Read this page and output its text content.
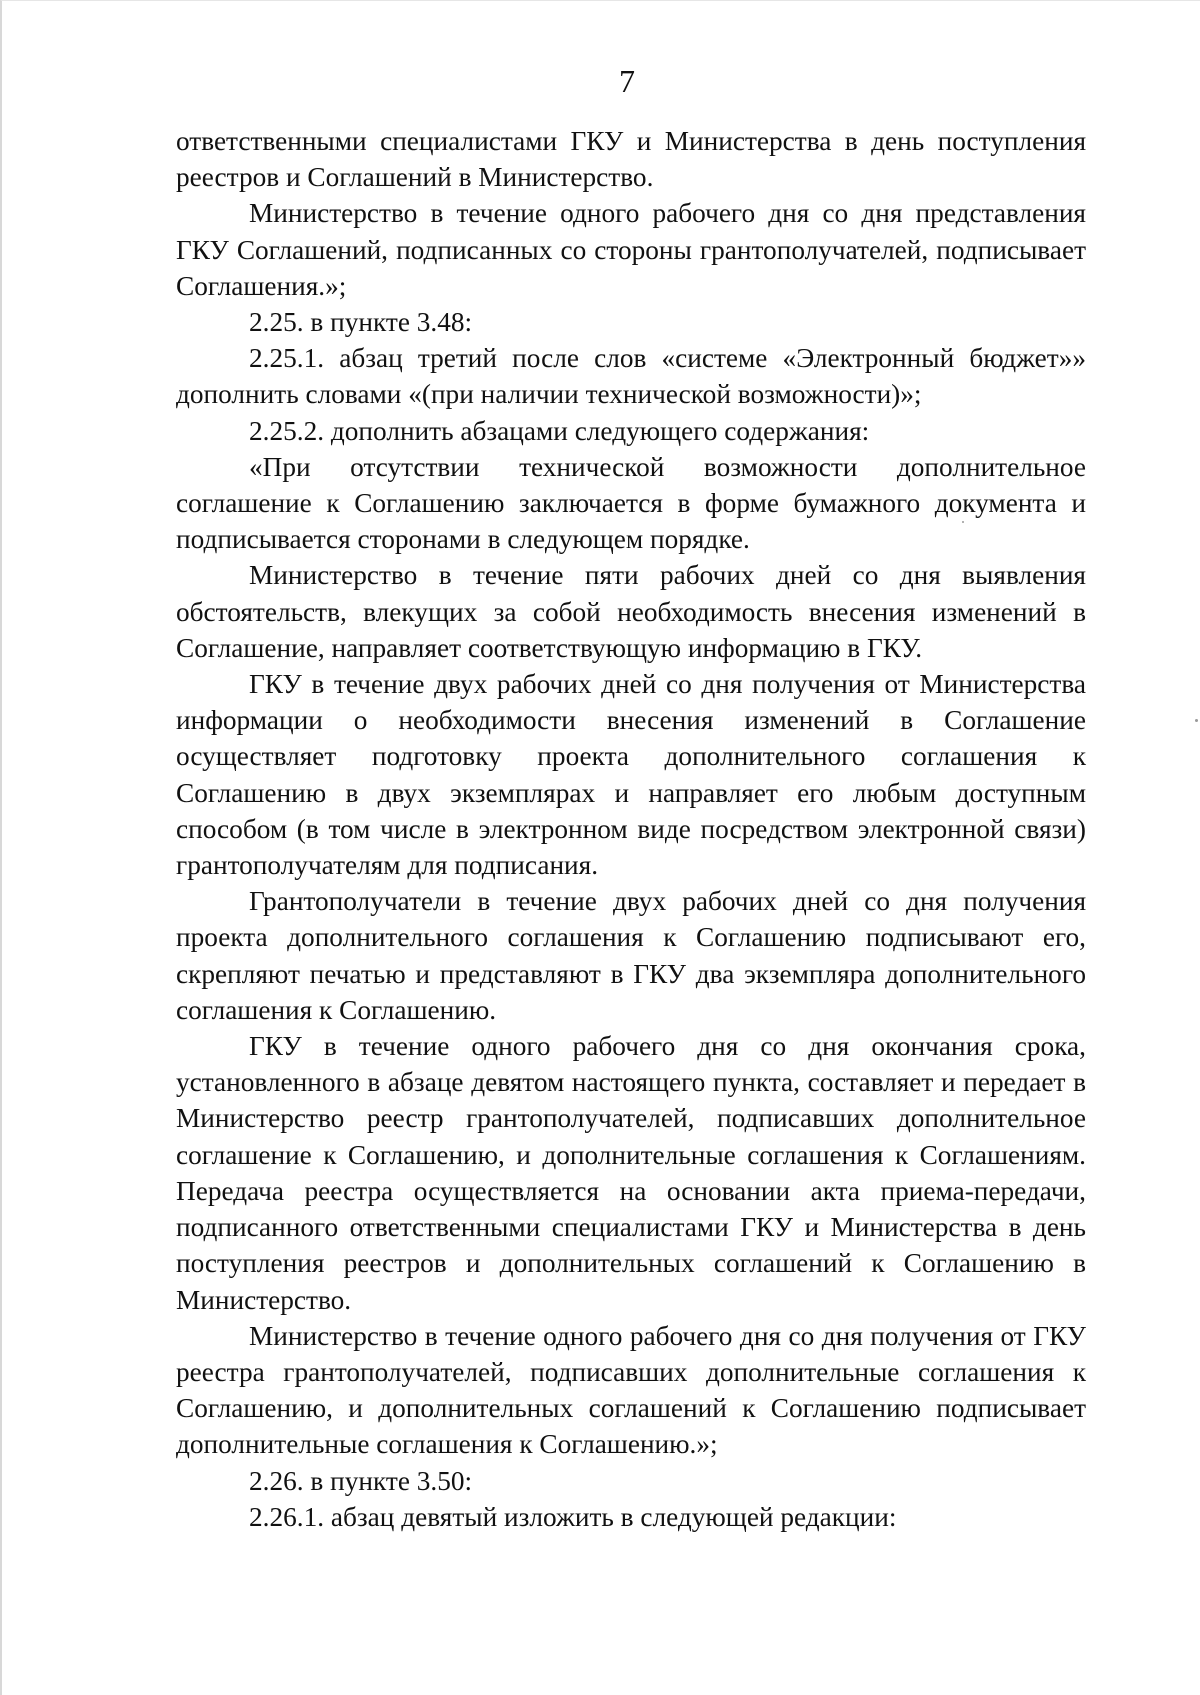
7

ответственными специалистами ГКУ и Министерства в день поступления реестров и Соглашений в Министерство.

Министерство в течение одного рабочего дня со дня представления ГКУ Соглашений, подписанных со стороны грантополучателей, подписывает Соглашения.»;

2.25. в пункте 3.48:

2.25.1. абзац третий после слов «системе «Электронный бюджет»» дополнить словами «(при наличии технической возможности)»;

2.25.2. дополнить абзацами следующего содержания:

«При отсутствии технической возможности дополнительное соглашение к Соглашению заключается в форме бумажного документа и подписывается сторонами в следующем порядке.

Министерство в течение пяти рабочих дней со дня выявления обстоятельств, влекущих за собой необходимость внесения изменений в Соглашение, направляет соответствующую информацию в ГКУ.

ГКУ в течение двух рабочих дней со дня получения от Министерства информации о необходимости внесения изменений в Соглашение осуществляет подготовку проекта дополнительного соглашения к Соглашению в двух экземплярах и направляет его любым доступным способом (в том числе в электронном виде посредством электронной связи) грантополучателям для подписания.

Грантополучатели в течение двух рабочих дней со дня получения проекта дополнительного соглашения к Соглашению подписывают его, скрепляют печатью и представляют в ГКУ два экземпляра дополнительного соглашения к Соглашению.

ГКУ в течение одного рабочего дня со дня окончания срока, установленного в абзаце девятом настоящего пункта, составляет и передает в Министерство реестр грантополучателей, подписавших дополнительное соглашение к Соглашению, и дополнительные соглашения к Соглашениям. Передача реестра осуществляется на основании акта приема-передачи, подписанного ответственными специалистами ГКУ и Министерства в день поступления реестров и дополнительных соглашений к Соглашению в Министерство.

Министерство в течение одного рабочего дня со дня получения от ГКУ реестра грантополучателей, подписавших дополнительные соглашения к Соглашению, и дополнительных соглашений к Соглашению подписывает дополнительные соглашения к Соглашению.»;

2.26. в пункте 3.50:

2.26.1. абзац девятый изложить в следующей редакции:
